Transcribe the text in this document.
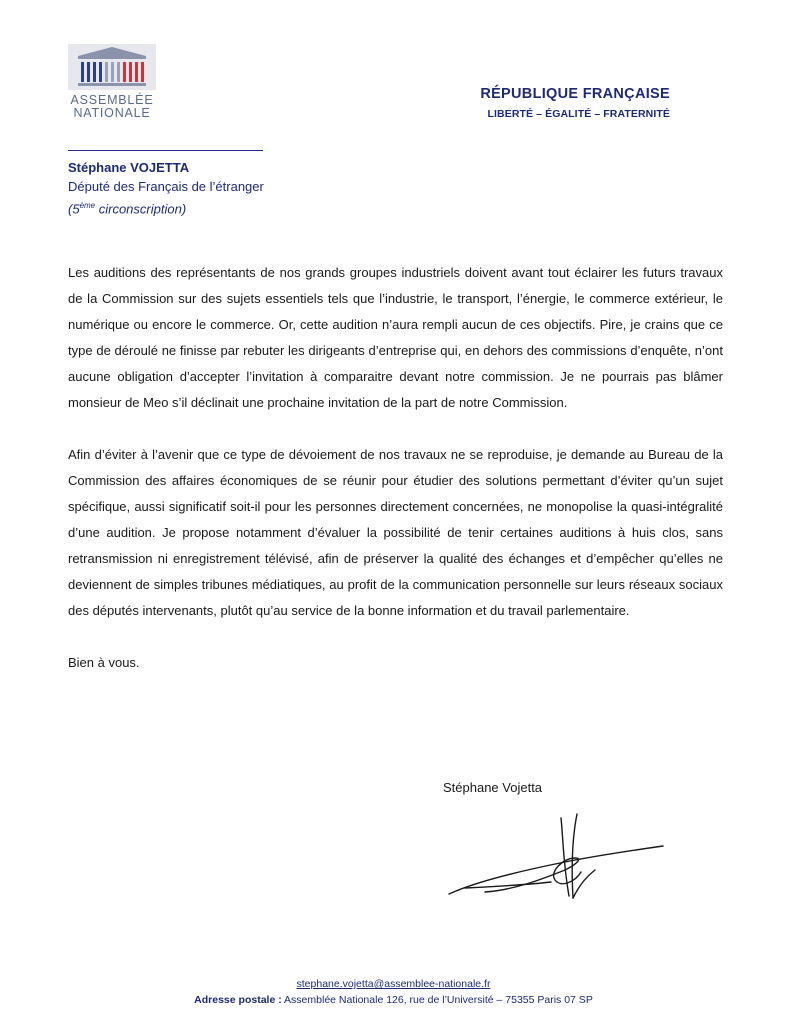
ASSEMBLÉE
NATIONALE
RÉPUBLIQUE FRANÇAISE
LIBERTÉ – ÉGALITÉ – FRATERNITÉ
Stéphane VOJETTA
Député des Français de l’étranger
(5ème circonscription)

Les auditions des représentants de nos grands groupes industriels doivent avant tout éclairer les futurs travaux de la Commission sur des sujets essentiels tels que l’industrie, le transport, l’énergie, le commerce extérieur, le numérique ou encore le commerce. Or, cette audition n’aura rempli aucun de ces objectifs. Pire, je crains que ce type de déroulé ne finisse par rebuter les dirigeants d’entreprise qui, en dehors des commissions d’enquête, n’ont aucune obligation d’accepter l’invitation à comparaitre devant notre commission. Je ne pourrais pas blâmer monsieur de Meo s’il déclinait une prochaine invitation de la part de notre Commission.

Afin d’éviter à l’avenir que ce type de dévoiement de nos travaux ne se reproduise, je demande au Bureau de la Commission des affaires économiques de se réunir pour étudier des solutions permettant d’éviter qu’un sujet spécifique, aussi significatif soit-il pour les personnes directement concernées, ne monopolise la quasi-intégralité d’une audition. Je propose notamment d’évaluer la possibilité de tenir certaines auditions à huis clos, sans retransmission ni enregistrement télévisé, afin de préserver la qualité des échanges et d’empêcher qu’elles ne deviennent de simples tribunes médiatiques, au profit de la communication personnelle sur leurs réseaux sociaux des députés intervenants, plutôt qu’au service de la bonne information et du travail parlementaire.

Bien à vous.

Stéphane Vojetta
stephane.vojetta@assemblee-nationale.fr
Adresse postale : Assemblée Nationale 126, rue de l’Université – 75355 Paris 07 SP
